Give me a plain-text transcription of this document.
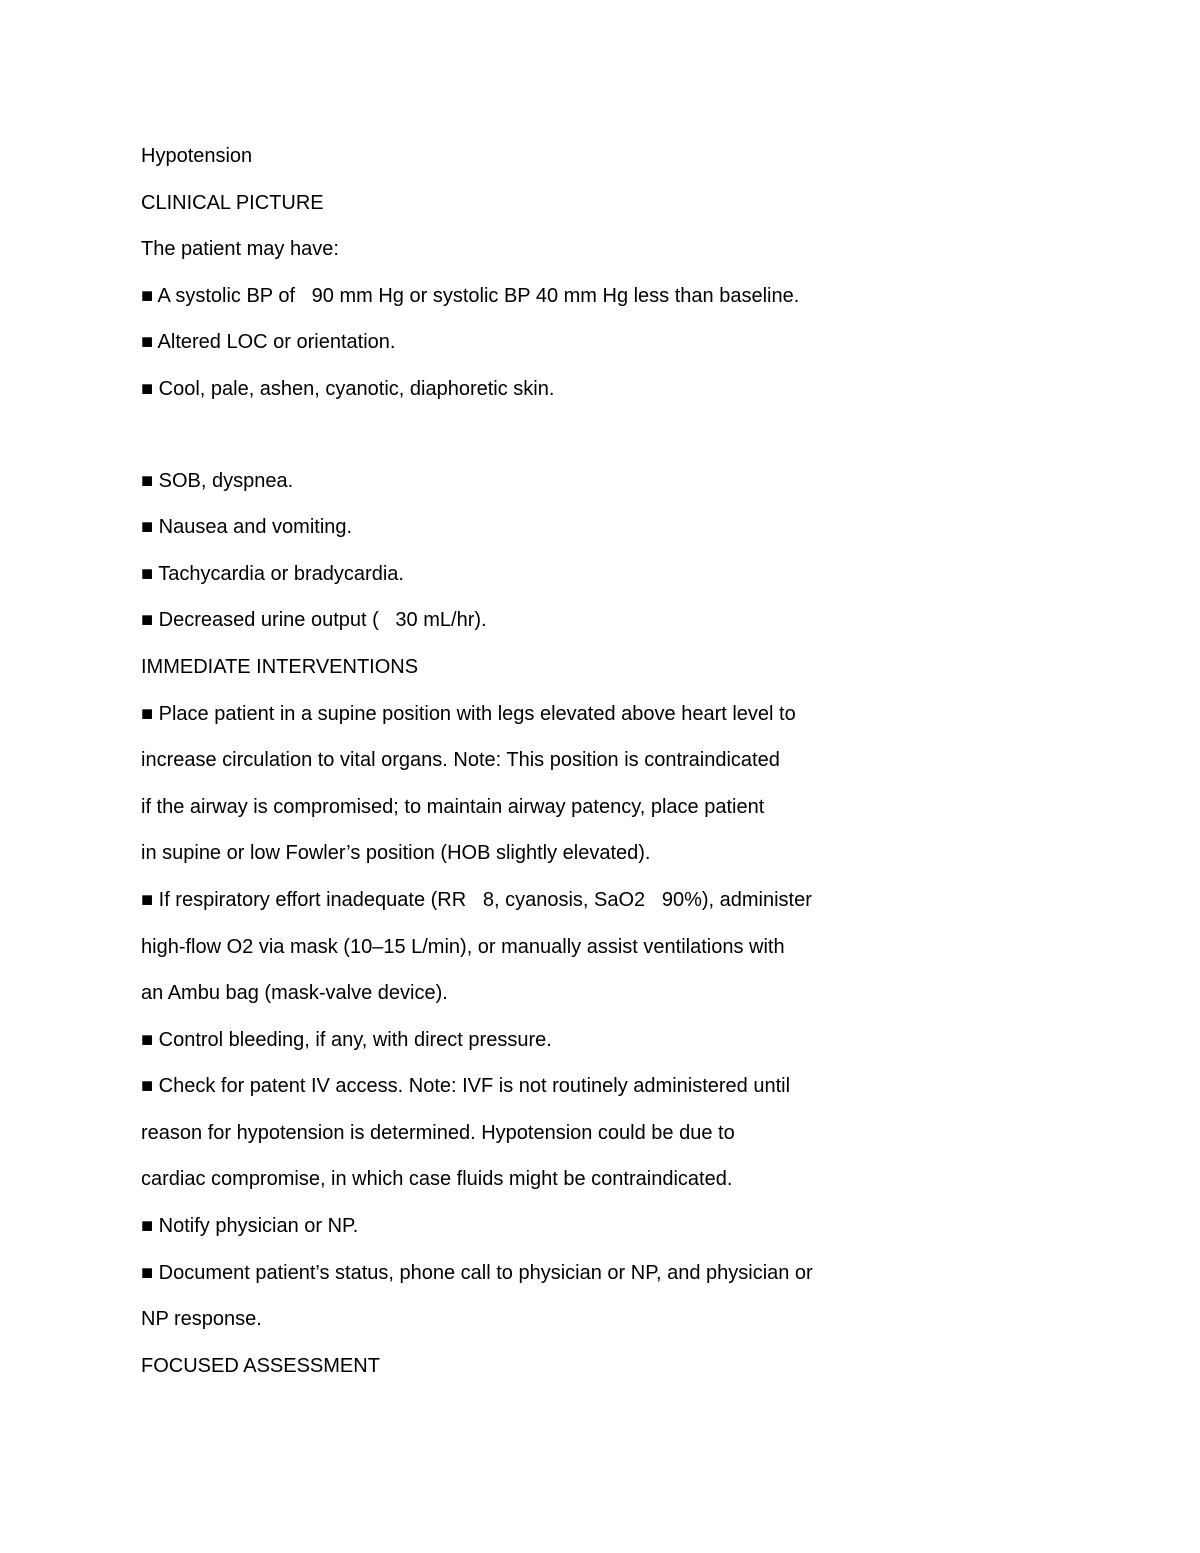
Hypotension
CLINICAL PICTURE
The patient may have:
■ A systolic BP of   90 mm Hg or systolic BP 40 mm Hg less than baseline.
■ Altered LOC or orientation.
■ Cool, pale, ashen, cyanotic, diaphoretic skin.
■ SOB, dyspnea.
■ Nausea and vomiting.
■ Tachycardia or bradycardia.
■ Decreased urine output (   30 mL/hr).
IMMEDIATE INTERVENTIONS
■ Place patient in a supine position with legs elevated above heart level to
increase circulation to vital organs. Note: This position is contraindicated
if the airway is compromised; to maintain airway patency, place patient
in supine or low Fowler’s position (HOB slightly elevated).
■ If respiratory effort inadequate (RR   8, cyanosis, SaO2   90%), administer
high-flow O2 via mask (10–15 L/min), or manually assist ventilations with
an Ambu bag (mask-valve device).
■ Control bleeding, if any, with direct pressure.
■ Check for patent IV access. Note: IVF is not routinely administered until
reason for hypotension is determined. Hypotension could be due to
cardiac compromise, in which case fluids might be contraindicated.
■ Notify physician or NP.
■ Document patient’s status, phone call to physician or NP, and physician or
NP response.
FOCUSED ASSESSMENT
